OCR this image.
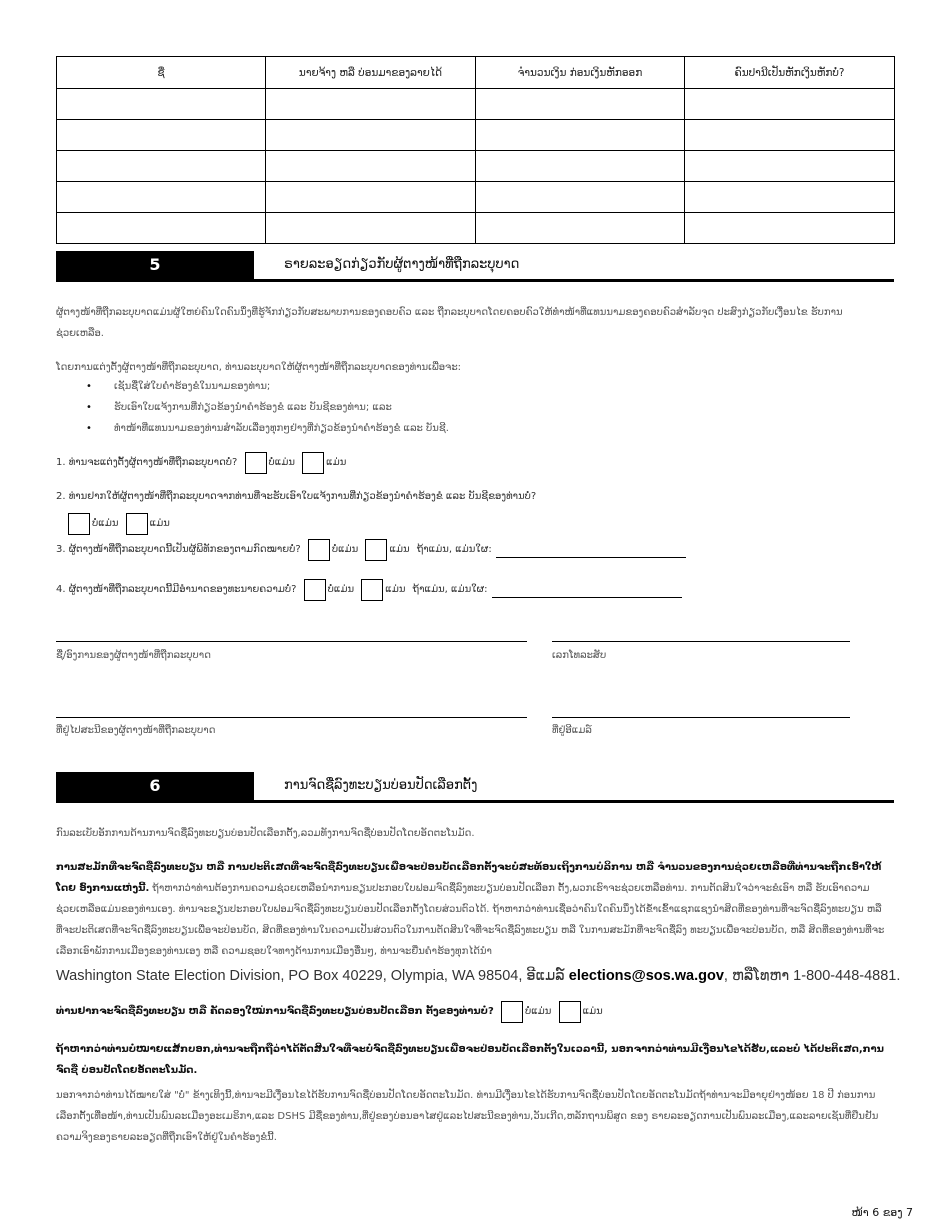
ຊື່	ນາຍຈ້າງ ຫລື ບ່ອນມາຂອງລາຍໄດ້	ຈຳນວນເງິນ ກ່ອນເງິນຫັກອອກ	ຄົນປານີເປັນຫັກເງິນຫັກບໍ່?

5	ຣາຍລະອຽດກ່ຽວກັບຜູ້ຕາງໜ້າທີ່ຖືກລະບຸບາດ
ຜູ້ຕາງໜ້າທີ່ຖືກລະບຸບາດແມ່ນຜູ້ໃຫຍ່ຄົນໃດຄົນນຶ່ງທີ່ຮູ້ຈັກກ່ຽວກັບສະພາບການຂອງຄອບຄົວ ແລະ ຖືກລະບຸບາດໂດຍຄອບຄົວໃຫ້ທຳໜ້າທີ່ແທນນາມຂອງຄອບຄົວສຳລັບຈຸດ ປະສົງກ່ຽວກັບເງື່ອນໄຂ ຮັບການຊ່ວຍເຫລືອ.
ໂດຍການແຕ່ງຕັ້ງຜູ້ຕາງໜ້າທີ່ຖືກລະບຸບາດ, ທ່ານລະບຸບາດໃຫ້ຜູ້ຕາງໜ້າທີ່ຖືກລະບຸບາດຂອງທ່ານເພື່ອຈະ:
• ເຊັນຊື່ໃສ່ໃບຄຳຮ້ອງຂໍໃນນາມຂອງທ່ານ;
• ຮັບເອົາໃບແຈ້ງການທີ່ກ່ຽວຂ້ອງນຳຄຳຮ້ອງຂໍ ແລະ ບັນຊີຂອງທ່ານ; ແລະ
• ທຳໜ້າທີ່ແທນນາມຂອງທ່ານສຳລັບເລື່ອງທຸກໆຢ່າງທີ່ກ່ຽວຂ້ອງນຳຄຳຮ້ອງຂໍ ແລະ ບັນຊີ.
1. ທ່ານຈະແຕ່ງຕັ້ງຜູ້ຕາງໜ້າທີ່ຖືກລະບຸບາດບໍ່?	ບໍ່ແມ່ນ	ແມ່ນ
2. ທ່ານຢາກໃຫ້ຜູ້ຕາງໜ້າທີ່ຖືກລະບຸບາດຈາກທ່ານທີ່ຈະຮັບເອົາໃບແຈ້ງການທີ່ກ່ຽວຂ້ອງນຳຄຳຮ້ອງຂໍ ແລະ ບັນຊີຂອງທ່ານບໍ່?
ບໍ່ແມ່ນ	ແມ່ນ
3. ຜູ້ຕາງໜ້າທີ່ຖືກລະບຸບາດນີ້ເປັນຜູ້ພິທັກຂອງຕາມກົດໝາຍບໍ່?	ບໍ່ແມ່ນ	ແມ່ນ ຖ້າແມ່ນ, ແມ່ນໃຜ:
4. ຜູ້ຕາງໜ້າທີ່ຖືກລະບຸບາດນີ້ມີອຳນາດຂອງທະນາຍຄວາມບໍ່?	ບໍ່ແມ່ນ	ແມ່ນ ຖ້າແມ່ນ, ແມ່ນໃຜ:
ຊື່/ອົງການຂອງຜູ້ຕາງໜ້າທີ່ຖືກລະບຸບາດ	ເລກໂທລະສັບ
ທີ່ຢູ່ໄປສະນີຂອງຜູ້ຕາງໜ້າທີ່ຖືກລະບຸບາດ	ທີ່ຢູ່ອີແມລ໌
6	ການຈົດຊື່ລົງທະບຽນບ່ອນປັດເລືອກຕັ້ງ
ກົນລະເບັບອັກການດ້ານການຈົດຊື່ລົງທະບຽນບ່ອນປັດເລືອກຕັ້ງ,ລວມທັງການຈົດຊື່ບ່ອນປັດໂດຍອັດຕະໂນມັດ.
ການສະມັກທີ່ຈະຈົດຊື່ລົງທະບຽນ ຫລື ການປະຕິເສດທີ່ຈະຈົດຊື່ລົງທະບຽນເພື່ອຈະປ່ອນບັດເລືອກຕັ້ງຈະບໍ່ສະທ້ອນເຖິງການບໍລິການ ຫລື ຈຳນວນຂອງການຊ່ວຍເຫລືອທີ່ທ່ານຈະຖືກເອົາໃຫ້ໂດຍ ອົງການແຫ່ງນີ້. ຖ້າຫາກວ່າທ່ານຕ້ອງການຄວາມຊ່ວຍເຫລືອນຳການຂຽນປະກອບໃບຟອມຈົດຊື່ລົງທະບຽນບ່ອນປັດເລືອກ ຕັ້ງ,ພວກເຮົາຈະຊ່ວຍເຫລືອທ່ານ. ການຕັດສິນໃຈວ່າຈະຂໍເອົາ ຫລື ຮັບເອົາຄວາມຊ່ວຍເຫລືອແມ່ນຂອງທ່ານເອງ. ທ່ານຈະຂຽນປະກອບໃບຟອມຈົດຊື່ລົງທະບຽນບ່ອນປັດເລືອກຕັ້ງໂດຍສ່ວນຕົວໄດ້. ຖ້າຫາກວ່າທ່ານເຊື່ອວ່າຄົນໃດຄົນນຶ່ງໄດ້ຂ້ຳເຂົ້າແຊກແຊງນຳສິດທີ່ຂອງທ່ານທີ່ຈະຈົດຊື່ລົງທະບຽນ ຫລື ທີ່ຈະປະຕິເສດທີ່ຈະຈົດຊື່ລົງທະບຽນເພື່ອຈະປ່ອນບັດ, ສິດທີ່ຂອງທ່ານໃນຄວາມເປັນສ່ວນຕົວໃນການຕັດສິນໃຈທີ່ຈະຈົດຊື່ລົງທະບຽນ ຫລື ໃນການສະມັກທີ່ຈະຈົດຊື່ລົງ ທະບຽນເພື່ອຈະປ່ອນບັດ, ຫລື ສິດທີ່ຂອງທ່ານທີ່ຈະເລືອກເອົາພັກການເມືອງຂອງທ່ານເອງ ຫລື ຄວາມຊອບໃຈທາງດ້ານການເມືອງອື່ນໆ, ທ່ານຈະຍື່ນຄຳຮ້ອງທຸກໄດ້ນຳ
Washington State Election Division, PO Box 40229, Olympia, WA 98504, ອີແມລ໌ elections@sos.wa.gov, ຫລືໂທຫາ 1-800-448-4881.
ທ່ານຢາກຈະຈົດຊື່ລົງທະບຽນ ຫລື ຄັດລອງໃໝ່ການຈົດຊື່ລົງທະບຽນບ່ອນປັດເລືອກ ຕັ້ງຂອງທ່ານບໍ່?	ບໍ່ແມ່ນ	ແມ່ນ
ຖ້າຫາກວ່າທ່ານບໍ່ໝາຍແສ້ກບອກ,ທ່ານຈະຖືກຖືວ່າໄດ້ຕັດສິນໃຈທີ່ຈະບໍ່ຈົດຊື່ລົງທະບຽນເພື່ອຈະປ່ອນບັດເລືອກຕັ້ງໃນເວລານີ້, ນອກຈາກວ່າທ່ານມີເງື່ອນໄຂໄດ້ຮັບ,ແລະບໍ່ ໄດ້ປະຕິເສດ,ການຈົດຊື່ ບ່ອນປັດໂດຍອັດຕະໂນມັດ.
ນອກຈາກວ່າທ່ານໄດ້ໝາຍໃສ່ "ບໍ່" ຂ້າງເທິງນີ້,ທ່ານຈະມີເງື່ອນໄຂໄດ້ຮັບການຈົດຊື່ບ່ອນປັດໂດຍອັດຕະໂນມັດ. ທ່ານມີເງື່ອນໄຂໄດ້ຮັບການຈົດຊື່ບ່ອນປັດໂດຍອັດຕະໂນມັດຖ້າທ່ານຈະມີອາຍຸຢ່າງໜ້ອຍ 18 ປີ ກ່ອນການເລືອກຕັ້ງເທື່ອໜ້າ,ທ່ານເປັນພົນລະເມືອງອະເມຣິກາ,ແລະ DSHS ມີຊື່ຂອງທ່ານ,ທີ່ຢູ່ຂອງບ່ອນອາໄສຢູ່ແລະໄປສະນີຂອງທ່ານ,ວັນເກີດ,ຫລັກຖານພິສູດ ຂອງ ຣາຍລະອຽດການເປັນພົນລະເມືອງ,ແລະລາຍເຊັນທີ່ຢືນຢັນຄວາມຈິງຂອງຣາຍລະອຽດທີ່ຖືກເອົາໃຫ້ຢູ່ໃນຄຳຮ້ອງຂໍນີ້.
ໜ້າ 6 ຂອງ 7
